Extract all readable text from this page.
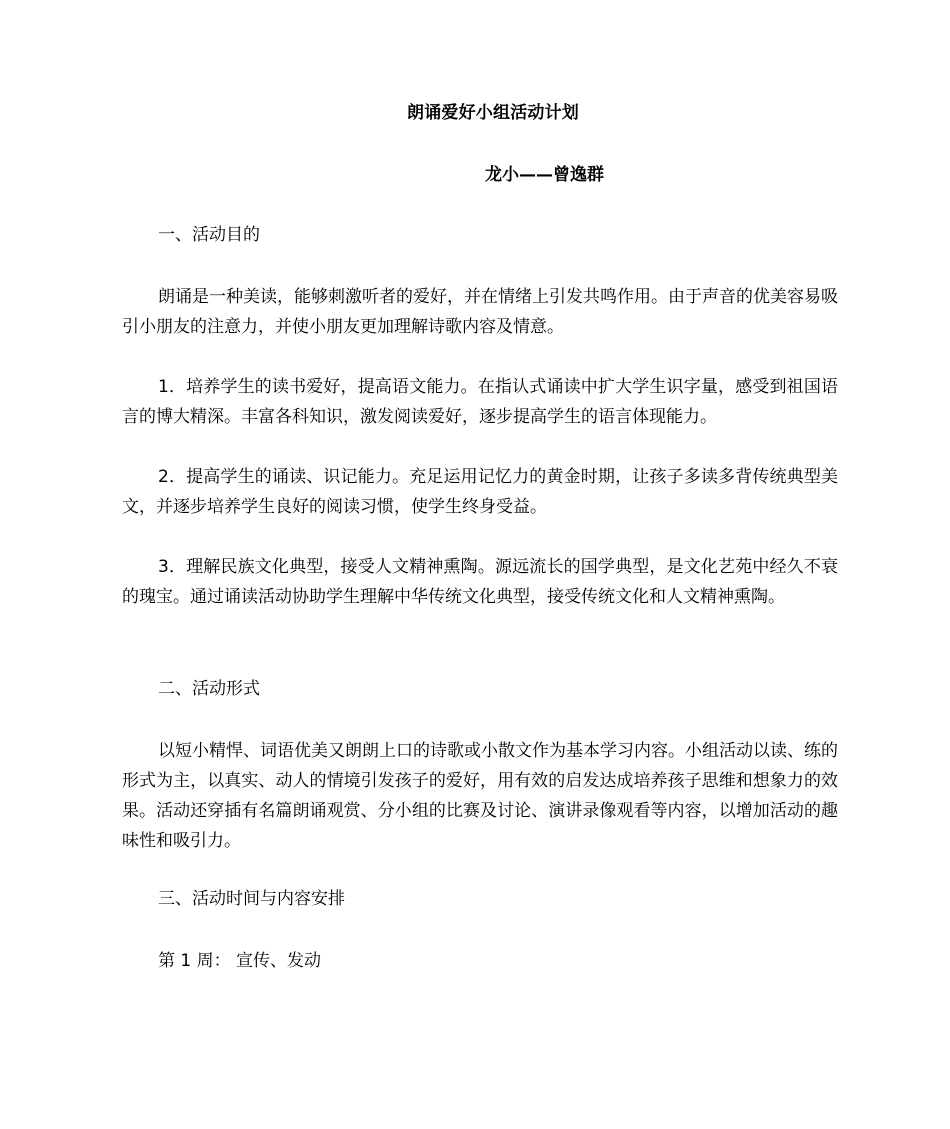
朗诵爱好小组活动计划
龙小——曾逸群
一、活动目的
朗诵是一种美读，能够刺激听者的爱好，并在情绪上引发共鸣作用。由于声音的优美容易吸引小朋友的注意力，并使小朋友更加理解诗歌内容及情意。
1．培养学生的读书爱好，提高语文能力。在指认式诵读中扩大学生识字量，感受到祖国语言的博大精深。丰富各科知识，激发阅读爱好，逐步提高学生的语言体现能力。
2．提高学生的诵读、识记能力。充足运用记忆力的黄金时期，让孩子多读多背传统典型美文，并逐步培养学生良好的阅读习惯，使学生终身受益。
3．理解民族文化典型，接受人文精神熏陶。源远流长的国学典型，是文化艺苑中经久不衰的瑰宝。通过诵读活动协助学生理解中华传统文化典型，接受传统文化和人文精神熏陶。
二、活动形式
以短小精悍、词语优美又朗朗上口的诗歌或小散文作为基本学习内容。小组活动以读、练的形式为主，以真实、动人的情境引发孩子的爱好，用有效的启发达成培养孩子思维和想象力的效果。活动还穿插有名篇朗诵观赏、分小组的比赛及讨论、演讲录像观看等内容，以增加活动的趣味性和吸引力。
三、活动时间与内容安排
第 1 周： 宣传、发动
